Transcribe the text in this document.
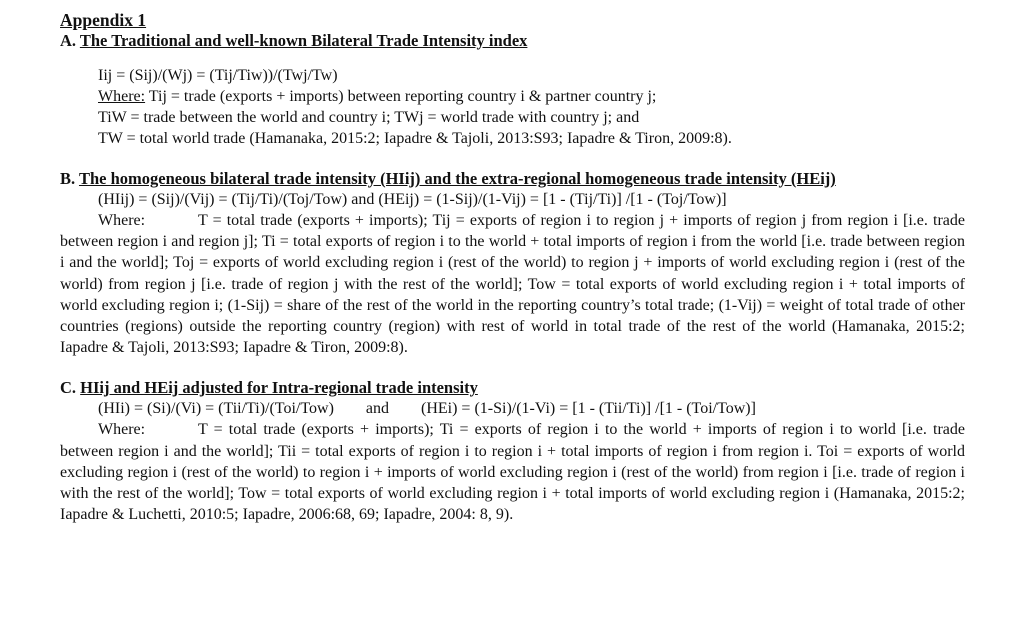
Appendix 1
A. The Traditional and well-known Bilateral Trade Intensity index
Iij = (Sij)/(Wj) = (Tij/Tiw))/(Twj/Tw)
Where: Tij = trade (exports + imports) between reporting country i & partner country j;
TiW = trade between the world and country i; TWj = world trade with country j; and
TW = total world trade (Hamanaka, 2015:2; Iapadre & Tajoli, 2013:S93; Iapadre & Tiron, 2009:8).
B. The homogeneous bilateral trade intensity (HIij) and the extra-regional homogeneous trade intensity (HEij)
(HIij) = (Sij)/(Vij) = (Tij/Ti)/(Toj/Tow) and (HEij) = (1-Sij)/(1-Vij) = [1 - (Tij/Ti)] /[1 - (Toj/Tow)]
Where:	T = total trade (exports + imports); Tij = exports of region i to region j + imports of region j from region i [i.e. trade between region i and region j]; Ti = total exports of region i to the world + total imports of region i from the world [i.e. trade between region i and the world]; Toj = exports of world excluding region i (rest of the world) to region j + imports of world excluding region i (rest of the world) from region j [i.e. trade of region j with the rest of the world]; Tow = total exports of world excluding region i + total imports of world excluding region i; (1-Sij) = share of the rest of the world in the reporting country’s total trade; (1-Vij) = weight of total trade of other countries (regions) outside the reporting country (region) with rest of world in total trade of the rest of the world (Hamanaka, 2015:2; Iapadre & Tajoli, 2013:S93; Iapadre & Tiron, 2009:8).
C. HIij and HEij adjusted for Intra-regional trade intensity
(HIi) = (Si)/(Vi) = (Tii/Ti)/(Toi/Tow) and (HEi) = (1-Si)/(1-Vi) = [1 - (Tii/Ti)] /[1 - (Toi/Tow)]
Where:	T = total trade (exports + imports); Ti = exports of region i to the world + imports of region i to world [i.e. trade between region i and the world]; Tii = total exports of region i to region i + total imports of region i from region i. Toi = exports of world excluding region i (rest of the world) to region i + imports of world excluding region i (rest of the world) from region i [i.e. trade of region i with the rest of the world]; Tow = total exports of world excluding region i + total imports of world excluding region i (Hamanaka, 2015:2; Iapadre & Luchetti, 2010:5; Iapadre, 2006:68, 69; Iapadre, 2004: 8, 9).
